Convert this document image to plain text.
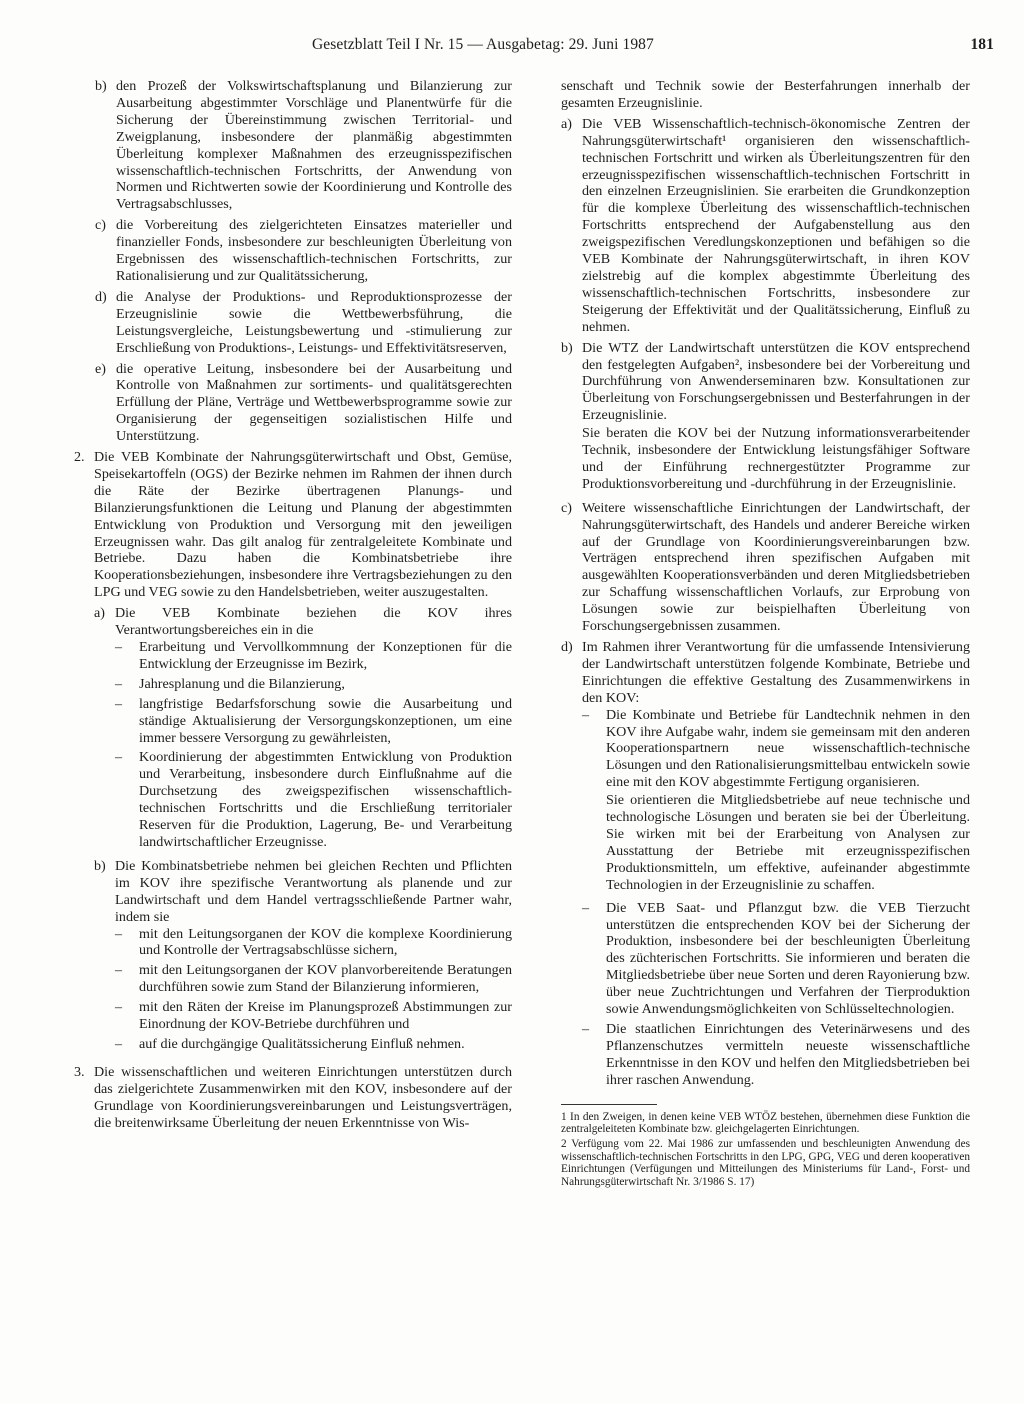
Gesetzblatt Teil I Nr. 15 — Ausgabetag: 29. Juni 1987	181
b) den Prozeß der Volkswirtschaftsplanung und Bilanzierung zur Ausarbeitung abgestimmter Vorschläge und Planentwürfe für die Sicherung der Übereinstimmung zwischen Territorial- und Zweigplanung, insbesondere der planmäßig abgestimmten Überleitung komplexer Maßnahmen des erzeugnisspezifischen wissenschaftlich-technischen Fortschritts, der Anwendung von Normen und Richtwerten sowie der Koordinierung und Kontrolle des Vertragsabschlusses,
c) die Vorbereitung des zielgerichteten Einsatzes materieller und finanzieller Fonds, insbesondere zur beschleunigten Überleitung von Ergebnissen des wissenschaftlich-technischen Fortschritts, zur Rationalisierung und zur Qualitätssicherung,
d) die Analyse der Produktions- und Reproduktionsprozesse der Erzeugnislinie sowie die Wettbewerbsführung, die Leistungsvergleiche, Leistungsbewertung und -stimulierung zur Erschließung von Produktions-, Leistungs- und Effektivitätsreserven,
e) die operative Leitung, insbesondere bei der Ausarbeitung und Kontrolle von Maßnahmen zur sortiments- und qualitätsgerechten Erfüllung der Pläne, Verträge und Wettbewerbsprogramme sowie zur Organisierung der gegenseitigen sozialistischen Hilfe und Unterstützung.
2. Die VEB Kombinate der Nahrungsgüterwirtschaft und Obst, Gemüse, Speisekartoffeln (OGS) der Bezirke nehmen im Rahmen der ihnen durch die Räte der Bezirke übertragenen Planungs- und Bilanzierungsfunktionen die Leitung und Planung der abgestimmten Entwicklung von Produktion und Versorgung mit den jeweiligen Erzeugnissen wahr. Das gilt analog für zentralgeleitete Kombinate und Betriebe. Dazu haben die Kombinatsbetriebe ihre Kooperationsbeziehungen, insbesondere ihre Vertragsbeziehungen zu den LPG und VEG sowie zu den Handelsbetrieben, weiter auszugestalten.

a) Die VEB Kombinate beziehen die KOV ihres Verantwortungsbereiches ein in die

–	Erarbeitung und Vervollkommnung der Konzeptionen für die Entwicklung der Erzeugnisse im Bezirk,
–	Jahresplanung und die Bilanzierung,
–	langfristige Bedarfsforschung sowie die Ausarbeitung und ständige Aktualisierung der Versorgungskonzeptionen, um eine immer bessere Versorgung zu gewährleisten,
–	Koordinierung der abgestimmten Entwicklung von Produktion und Verarbeitung, insbesondere durch Einflußnahme auf die Durchsetzung des zweigspezifischen wissenschaftlich-technischen Fortschritts und die Erschließung territorialer Reserven für die Produktion, Lagerung, Be- und Verarbeitung landwirtschaftlicher Erzeugnisse.
b) Die Kombinatsbetriebe nehmen bei gleichen Rechten und Pflichten im KOV ihre spezifische Verantwortung als planende und zur Landwirtschaft und dem Handel vertragsschließende Partner wahr, indem sie

–	mit den Leitungsorganen der KOV die komplexe Koordinierung und Kontrolle der Vertragsabschlüsse sichern,
–	mit den Leitungsorganen der KOV planvorbereitende Beratungen durchführen sowie zum Stand der Bilanzierung informieren,
–	mit den Räten der Kreise im Planungsprozeß Abstimmungen zur Einordnung der KOV-Betriebe durchführen und
–	auf die durchgängige Qualitätssicherung Einfluß nehmen.
3. Die wissenschaftlichen und weiteren Einrichtungen unterstützen durch das zielgerichtete Zusammenwirken mit den KOV, insbesondere auf der Grundlage von Koordinierungsvereinbarungen und Leistungsverträgen, die breitenwirksame Überleitung der neuen Erkenntnisse von Wis-

senschaft und Technik sowie der Besterfahrungen innerhalb der gesamten Erzeugnislinie.

a) Die VEB Wissenschaftlich-technisch-ökonomische Zentren der Nahrungsgüterwirtschaft¹ organisieren den wissenschaftlich-technischen Fortschritt und wirken als Überleitungszentren für den erzeugnisspezifischen wissenschaftlich-technischen Fortschritt in den einzelnen Erzeugnislinien. Sie erarbeiten die Grundkonzeption für die komplexe Überleitung des wissenschaftlich-technischen Fortschritts entsprechend der Aufgabenstellung aus den zweigspezifischen Veredlungskonzeptionen und befähigen so die VEB Kombinate der Nahrungsgüterwirtschaft, in ihren KOV zielstrebig auf die komplex abgestimmte Überleitung des wissenschaftlich-technischen Fortschritts, insbesondere zur Steigerung der Effektivität und der Qualitätssicherung, Einfluß zu nehmen.
b) Die WTZ der Landwirtschaft unterstützen die KOV entsprechend den festgelegten Aufgaben², insbesondere bei der Vorbereitung und Durchführung von Anwenderseminaren bzw. Konsultationen zur Überleitung von Forschungsergebnissen und Besterfahrungen in der Erzeugnislinie.

Sie beraten die KOV bei der Nutzung informationsverarbeitender Technik, insbesondere der Entwicklung leistungsfähiger Software und der Einführung rechnergestützter Programme zur Produktionsvorbereitung und -durchführung in der Erzeugnislinie.

c) Weitere wissenschaftliche Einrichtungen der Landwirtschaft, der Nahrungsgüterwirtschaft, des Handels und anderer Bereiche wirken auf der Grundlage von Koordinierungsvereinbarungen bzw. Verträgen entsprechend ihren spezifischen Aufgaben mit ausgewählten Kooperationsverbänden und deren Mitgliedsbetrieben zur Schaffung wissenschaftlichen Vorlaufs, zur Erprobung von Lösungen sowie zur beispielhaften Überleitung von Forschungsergebnissen zusammen.
d) Im Rahmen ihrer Verantwortung für die umfassende Intensivierung der Landwirtschaft unterstützen folgende Kombinate, Betriebe und Einrichtungen die effektive Gestaltung des Zusammenwirkens in den KOV:

–	Die Kombinate und Betriebe für Landtechnik nehmen in den KOV ihre Aufgabe wahr, indem sie gemeinsam mit den anderen Kooperationspartnern neue wissenschaftlich-technische Lösungen und den Rationalisierungsmittelbau entwickeln sowie eine mit den KOV abgestimmte Fertigung organisieren.

Sie orientieren die Mitgliedsbetriebe auf neue technische und technologische Lösungen und beraten sie bei der Überleitung. Sie wirken mit bei der Erarbeitung von Analysen zur Ausstattung der Betriebe mit erzeugnisspezifischen Produktionsmitteln, um effektive, aufeinander abgestimmte Technologien in der Erzeugnislinie zu schaffen.

–	Die VEB Saat- und Pflanzgut bzw. die VEB Tierzucht unterstützen die entsprechenden KOV bei der Sicherung der Produktion, insbesondere bei der beschleunigten Überleitung des züchterischen Fortschritts. Sie informieren und beraten die Mitgliedsbetriebe über neue Sorten und deren Rayonierung bzw. über neue Zuchtrichtungen und Verfahren der Tierproduktion sowie Anwendungsmöglichkeiten von Schlüsseltechnologien.
–	Die staatlichen Einrichtungen des Veterinärwesens und des Pflanzenschutzes vermitteln neueste wissenschaftliche Erkenntnisse in den KOV und helfen den Mitgliedsbetrieben bei ihrer raschen Anwendung.

1 In den Zweigen, in denen keine VEB WTÖZ bestehen, übernehmen diese Funktion die zentralgeleiteten Kombinate bzw. gleichgelagerten Einrichtungen.

2 Verfügung vom 22. Mai 1986 zur umfassenden und beschleunigten Anwendung des wissenschaftlich-technischen Fortschritts in den LPG, GPG, VEG und deren kooperativen Einrichtungen (Verfügungen und Mitteilungen des Ministeriums für Land-, Forst- und Nahrungsgüterwirtschaft Nr. 3/1986 S. 17)
